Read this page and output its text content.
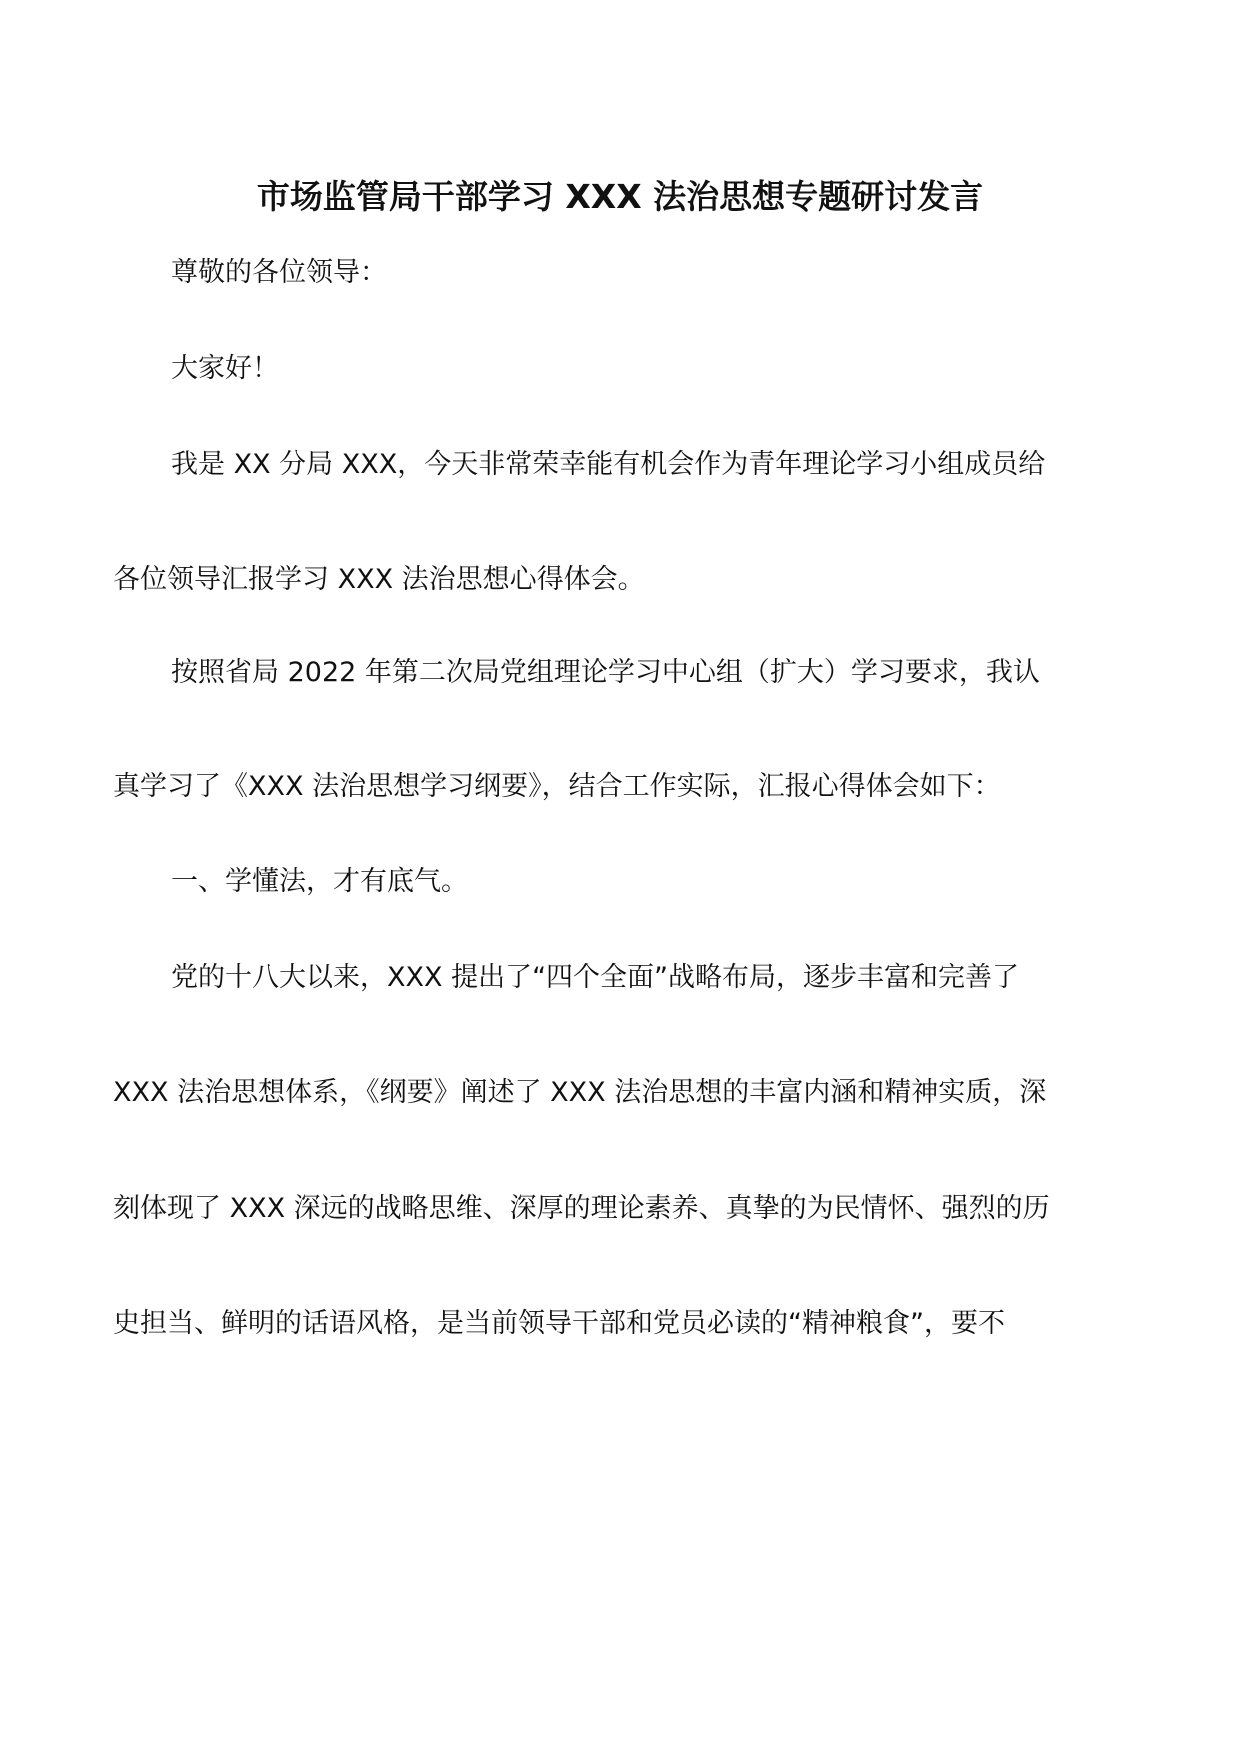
市场监管局干部学习 XXX 法治思想专题研讨发言
尊敬的各位领导：
大家好！
我是 XX 分局 XXX，今天非常荣幸能有机会作为青年理论学习小组成员给
各位领导汇报学习 XXX 法治思想心得体会。
按照省局 2022 年第二次局党组理论学习中心组（扩大）学习要求，我认
真学习了《XXX 法治思想学习纲要》，结合工作实际，汇报心得体会如下：
一、学懂法，才有底气。
党的十八大以来，XXX 提出了“四个全面”战略布局，逐步丰富和完善了
XXX 法治思想体系，《纲要》阐述了 XXX 法治思想的丰富内涵和精神实质，深
刻体现了 XXX 深远的战略思维、深厚的理论素养、真挚的为民情怀、强烈的历
史担当、鲜明的话语风格，是当前领导干部和党员必读的“精神粮食”，要不
